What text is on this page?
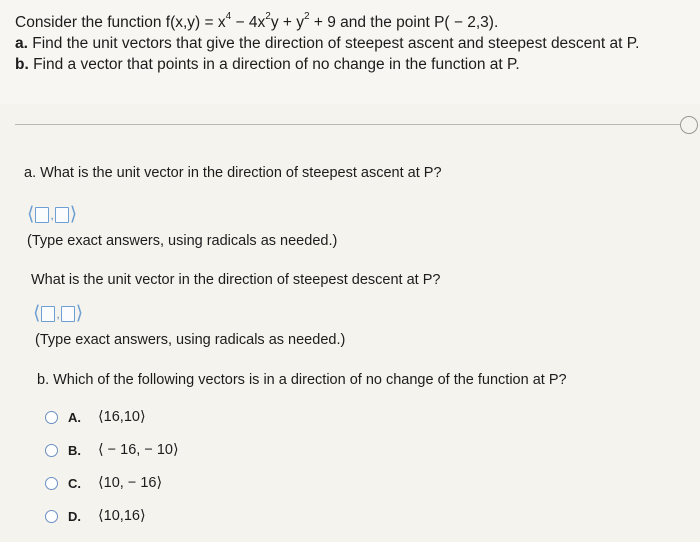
Consider the function $f(x,y) = x^4 - 4x^2y + y^2 + 9$ and the point P( − 2,3).
a. Find the unit vectors that give the direction of steepest ascent and steepest descent at P.
b. Find a vector that points in a direction of no change in the function at P.
a. What is the unit vector in the direction of steepest ascent at P?
⟨ , ⟩
(Type exact answers, using radicals as needed.)
What is the unit vector in the direction of steepest descent at P?
⟨ , ⟩
(Type exact answers, using radicals as needed.)
b. Which of the following vectors is in a direction of no change of the function at P?
A.	⟨16,10⟩
B.	⟨ − 16, − 10⟩
C.	⟨10, − 16⟩
D.	⟨10,16⟩
